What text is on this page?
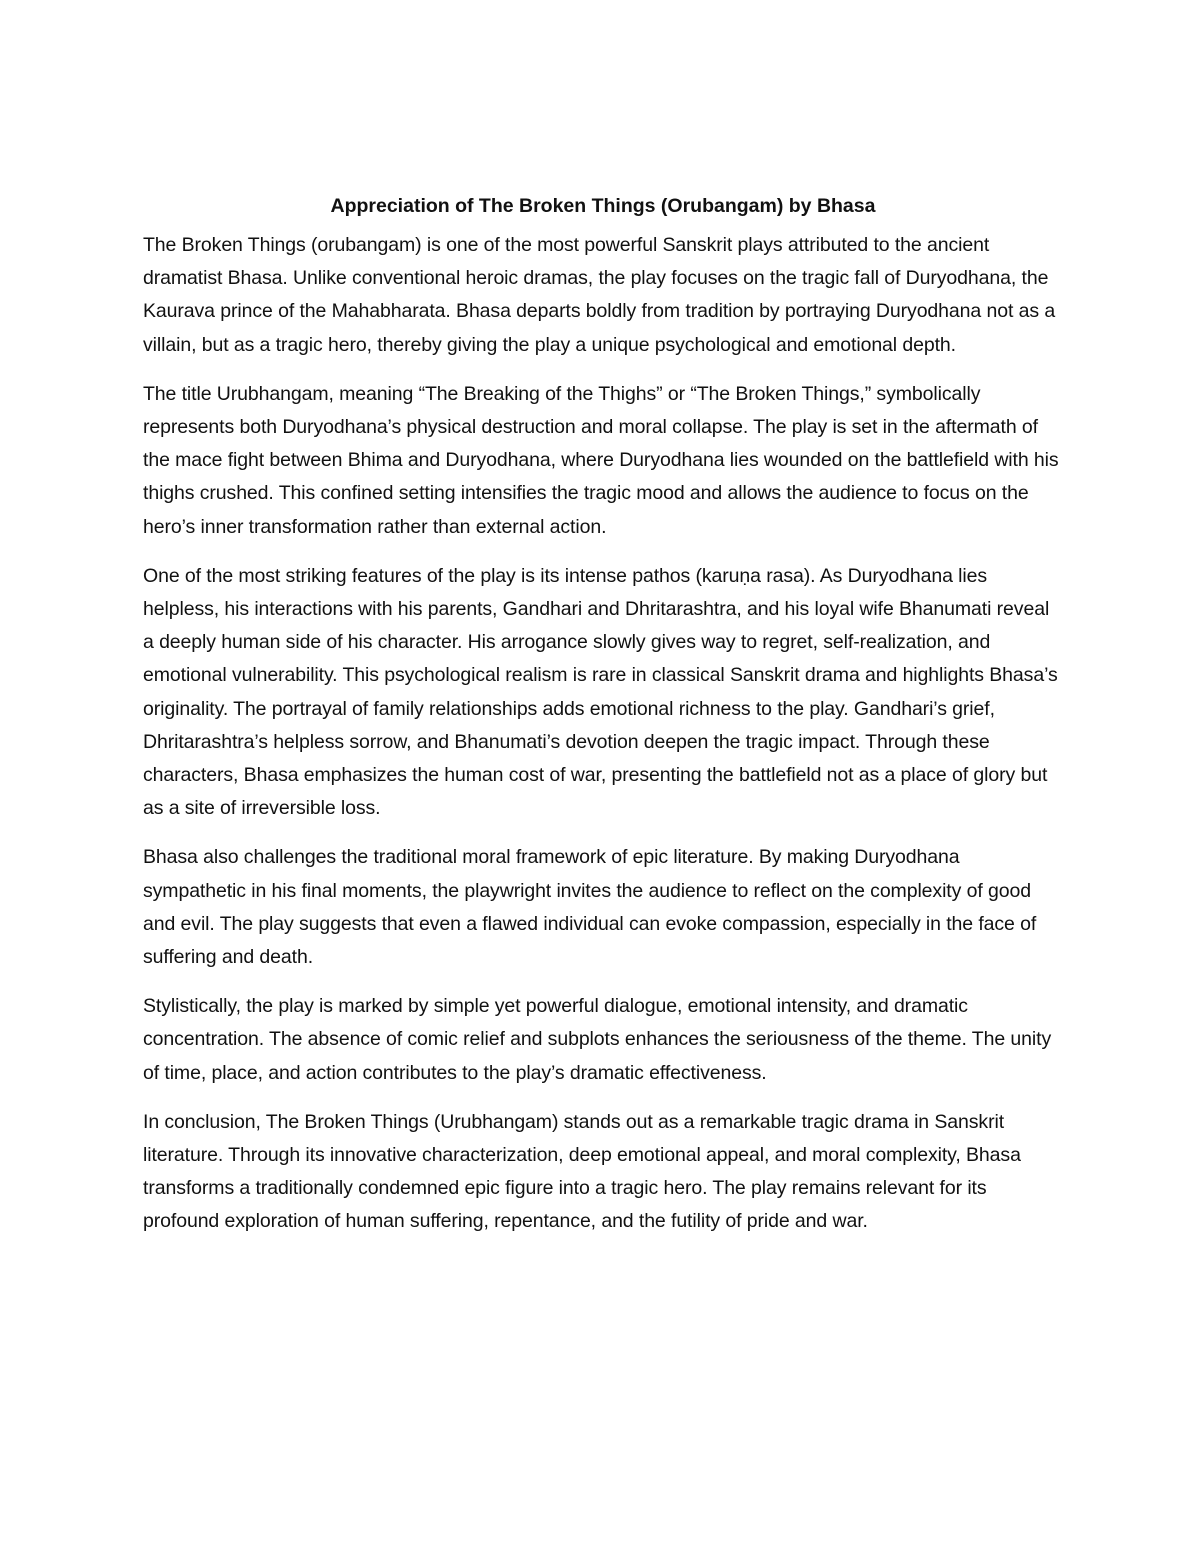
Appreciation of The Broken Things (Orubangam) by Bhasa

The Broken Things (orubangam) is one of the most powerful Sanskrit plays attributed to the ancient dramatist Bhasa. Unlike conventional heroic dramas, the play focuses on the tragic fall of Duryodhana, the Kaurava prince of the Mahabharata. Bhasa departs boldly from tradition by portraying Duryodhana not as a villain, but as a tragic hero, thereby giving the play a unique psychological and emotional depth.

The title Urubhangam, meaning “The Breaking of the Thighs” or “The Broken Things,” symbolically represents both Duryodhana’s physical destruction and moral collapse. The play is set in the aftermath of the mace fight between Bhima and Duryodhana, where Duryodhana lies wounded on the battlefield with his thighs crushed. This confined setting intensifies the tragic mood and allows the audience to focus on the hero’s inner transformation rather than external action.

One of the most striking features of the play is its intense pathos (karuṇa rasa). As Duryodhana lies helpless, his interactions with his parents, Gandhari and Dhritarashtra, and his loyal wife Bhanumati reveal a deeply human side of his character. His arrogance slowly gives way to regret, self-realization, and emotional vulnerability. This psychological realism is rare in classical Sanskrit drama and highlights Bhasa’s originality. The portrayal of family relationships adds emotional richness to the play. Gandhari’s grief, Dhritarashtra’s helpless sorrow, and Bhanumati’s devotion deepen the tragic impact. Through these characters, Bhasa emphasizes the human cost of war, presenting the battlefield not as a place of glory but as a site of irreversible loss.

Bhasa also challenges the traditional moral framework of epic literature. By making Duryodhana sympathetic in his final moments, the playwright invites the audience to reflect on the complexity of good and evil. The play suggests that even a flawed individual can evoke compassion, especially in the face of suffering and death.

Stylistically, the play is marked by simple yet powerful dialogue, emotional intensity, and dramatic concentration. The absence of comic relief and subplots enhances the seriousness of the theme. The unity of time, place, and action contributes to the play’s dramatic effectiveness.

In conclusion, The Broken Things (Urubhangam) stands out as a remarkable tragic drama in Sanskrit literature. Through its innovative characterization, deep emotional appeal, and moral complexity, Bhasa transforms a traditionally condemned epic figure into a tragic hero. The play remains relevant for its profound exploration of human suffering, repentance, and the futility of pride and war.
